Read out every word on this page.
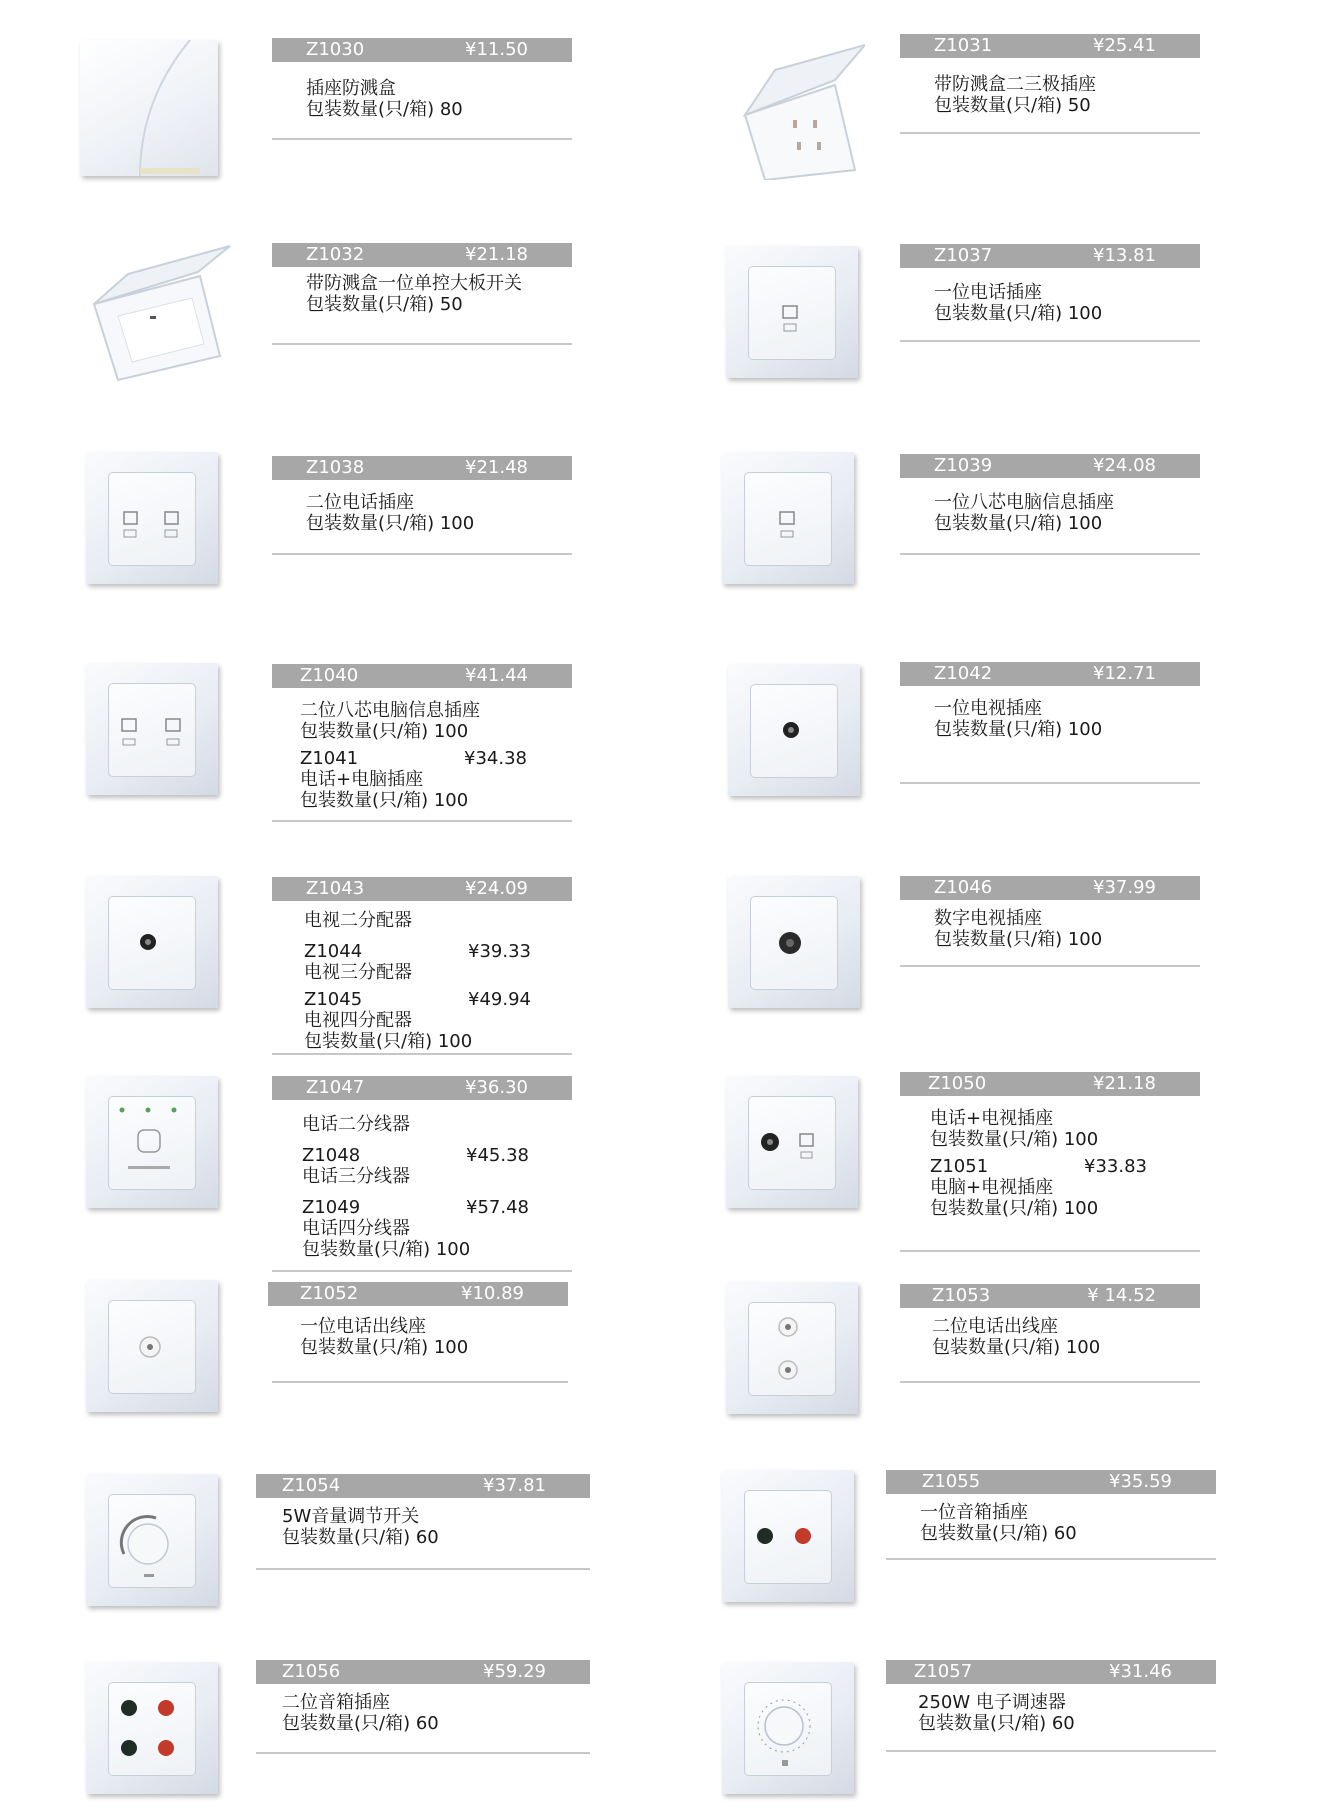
Z1030	¥11.50
插座防溅盒
包装数量(只/箱) 80
Z1031	¥25.41
带防溅盒二三极插座
包装数量(只/箱) 50
Z1032	¥21.18
带防溅盒一位单控大板开关
包装数量(只/箱) 50
Z1037	¥13.81
一位电话插座
包装数量(只/箱) 100
Z1038	¥21.48
二位电话插座
包装数量(只/箱) 100
Z1039	¥24.08
一位八芯电脑信息插座
包装数量(只/箱) 100
Z1040	¥41.44
二位八芯电脑信息插座
包装数量(只/箱) 100
Z1041	¥34.38
电话+电脑插座
包装数量(只/箱) 100
Z1042	¥12.71
一位电视插座
包装数量(只/箱) 100
Z1043	¥24.09
电视二分配器
Z1044	¥39.33
电视三分配器
Z1045	¥49.94
电视四分配器
包装数量(只/箱) 100
Z1046	¥37.99
数字电视插座
包装数量(只/箱) 100
Z1047	¥36.30
电话二分线器
Z1048	¥45.38
电话三分线器
Z1049	¥57.48
电话四分线器
包装数量(只/箱) 100
Z1050	¥21.18
电话+电视插座
包装数量(只/箱) 100
Z1051	¥33.83
电脑+电视插座
包装数量(只/箱) 100
Z1052	¥10.89
一位电话出线座
包装数量(只/箱) 100
Z1053	¥ 14.52
二位电话出线座
包装数量(只/箱) 100
Z1054	¥37.81
5W音量调节开关
包装数量(只/箱) 60
Z1055	¥35.59
一位音箱插座
包装数量(只/箱) 60
Z1056	¥59.29
二位音箱插座
包装数量(只/箱) 60
Z1057	¥31.46
250W 电子调速器
包装数量(只/箱) 60
